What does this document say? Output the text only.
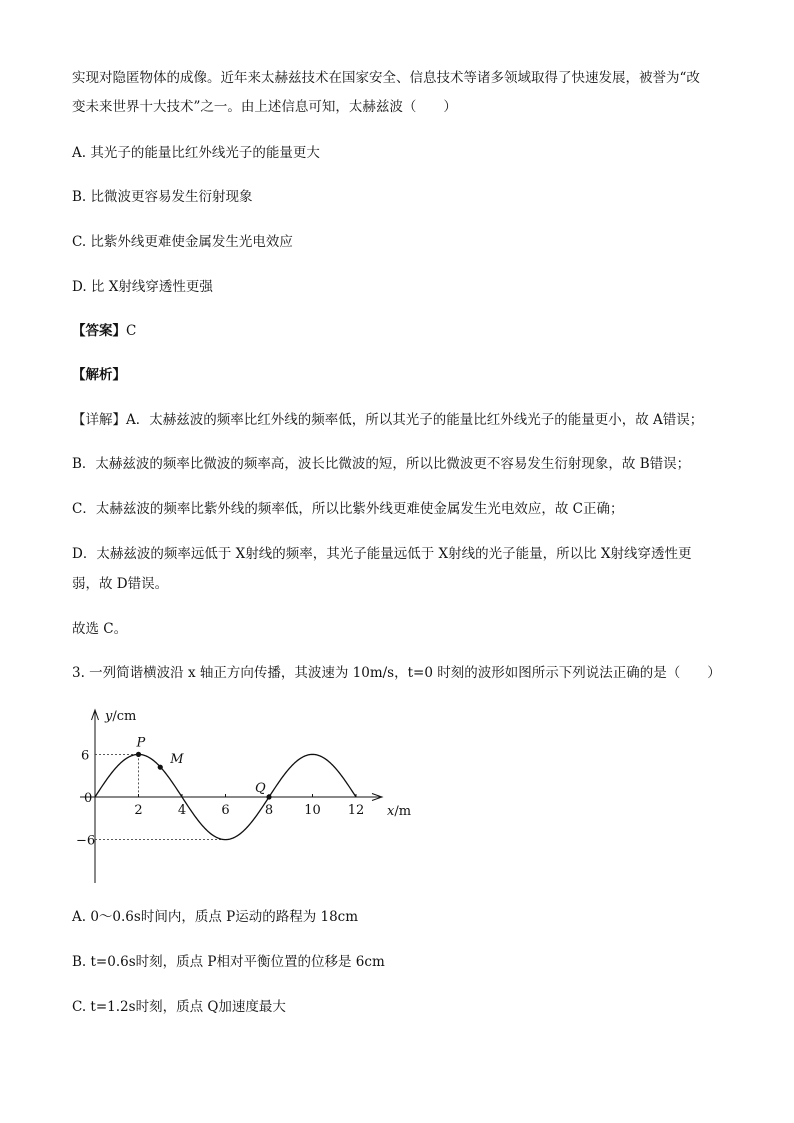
实现对隐匿物体的成像。近年来太赫兹技术在国家安全、信息技术等诸多领域取得了快速发展，被誉为“改
变未来世界十大技术”之一。由上述信息可知，太赫兹波（　　）
A. 其光子的能量比红外线光子的能量更大
B. 比微波更容易发生衍射现象
C. 比紫外线更难使金属发生光电效应
D. 比 X射线穿透性更强
【答案】C
【解析】
【详解】A．太赫兹波的频率比红外线的频率低，所以其光子的能量比红外线光子的能量更小，故 A错误；
B．太赫兹波的频率比微波的频率高，波长比微波的短，所以比微波更不容易发生衍射现象，故 B错误；
C．太赫兹波的频率比紫外线的频率低，所以比紫外线更难使金属发生光电效应，故 C正确；
D．太赫兹波的频率远低于 X射线的频率，其光子能量远低于 X射线的光子能量，所以比 X射线穿透性更
弱，故 D错误。
故选 C。
3. 一列简谐横波沿 x 轴正方向传播，其波速为 10m/s，t=0 时刻的波形如图所示下列说法正确的是（　　）
y/cm
x/m
0
6
−6
2	4	6	8 10 12
P
M
Q
A. 0～0.6s时间内，质点 P运动的路程为 18cm
B. t=0.6s时刻，质点 P相对平衡位置的位移是 6cm
C. t=1.2s时刻，质点 Q加速度最大
